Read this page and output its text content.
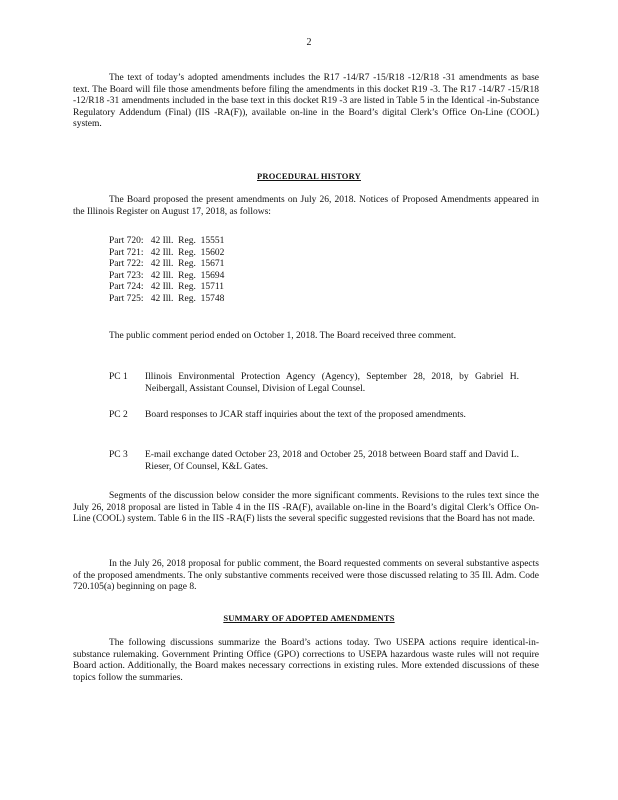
2
The text of today’s adopted amendments includes the R17 -14/R7 -15/R18 -12/R18 -31 amendments as base text. The Board will file those amendments before filing the amendments in this docket R19 -3. The R17 -14/R7 -15/R18 -12/R18 -31 amendments included in the base text in this docket R19 -3 are listed in Table 5 in the Identical -in-Substance Regulatory Addendum (Final) (IIS -RA(F)), available on-line in the Board’s digital Clerk’s Office On-Line (COOL) system.
PROCEDURAL HISTORY
The Board proposed the present amendments on July 26, 2018. Notices of Proposed Amendments appeared in the Illinois Register on August 17, 2018, as follows:
Part 720:   42 Ill.  Reg.  15551
Part 721:   42 Ill.  Reg.  15602
Part 722:   42 Ill.  Reg.  15671
Part 723:   42 Ill.  Reg.  15694
Part 724:   42 Ill.  Reg.  15711
Part 725:   42 Ill.  Reg.  15748
The public comment period ended on October 1, 2018. The Board received three comment.
PC 1	Illinois Environmental Protection Agency (Agency), September 28, 2018, by Gabriel H. Neibergall, Assistant Counsel, Division of Legal Counsel.
PC 2	Board responses to JCAR staff inquiries about the text of the proposed amendments.
PC 3	E-mail exchange dated October 23, 2018 and October 25, 2018 between Board staff and David L. Rieser, Of Counsel, K&L Gates.
Segments of the discussion below consider the more significant comments. Revisions to the rules text since the July 26, 2018 proposal are listed in Table 4 in the IIS -RA(F), available on-line in the Board’s digital Clerk’s Office On-Line (COOL) system. Table 6 in the IIS -RA(F) lists the several specific suggested revisions that the Board has not made.
In the July 26, 2018 proposal for public comment, the Board requested comments on several substantive aspects of the proposed amendments. The only substantive comments received were those discussed relating to 35 Ill. Adm. Code 720.105(a) beginning on page 8.
SUMMARY OF ADOPTED AMENDMENTS
The following discussions summarize the Board’s actions today. Two USEPA actions require identical-in-substance rulemaking. Government Printing Office (GPO) corrections to USEPA hazardous waste rules will not require Board action. Additionally, the Board makes necessary corrections in existing rules. More extended discussions of these topics follow the summaries.
